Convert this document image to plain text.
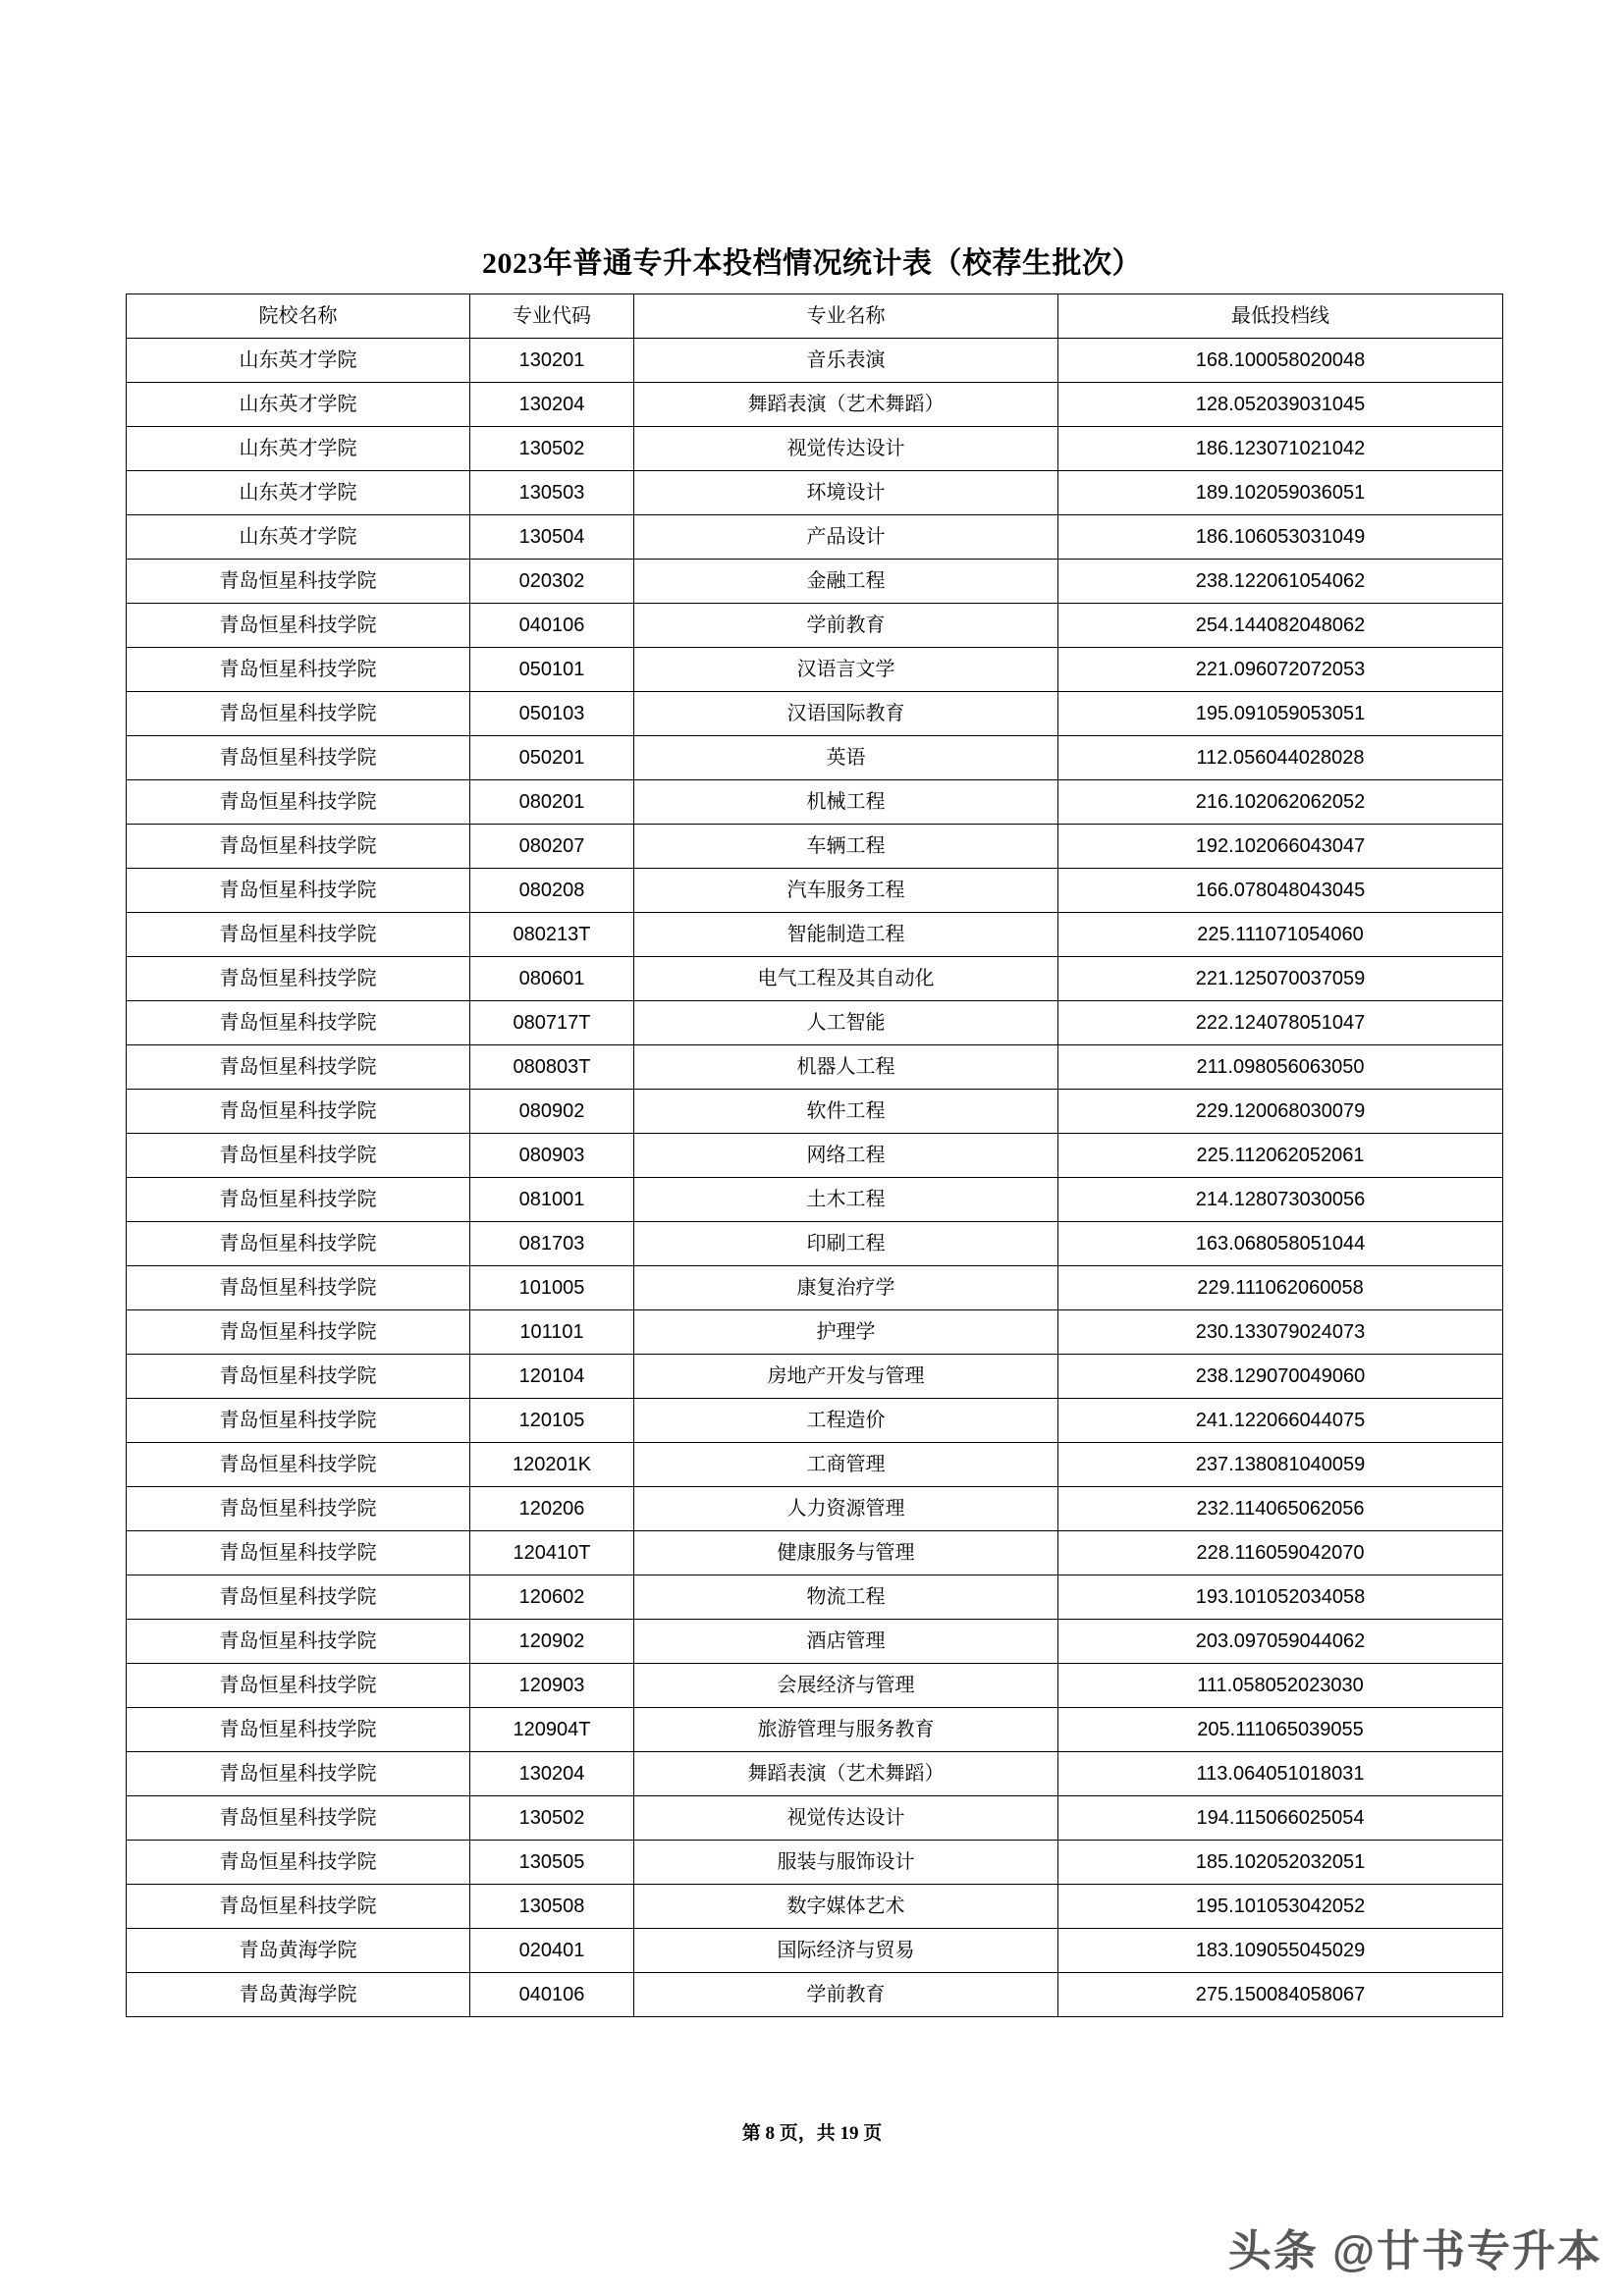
2023年普通专升本投档情况统计表（校荐生批次）
院校名称	专业代码	专业名称	最低投档线
山东英才学院	130201	音乐表演	168.100058020048
山东英才学院	130204	舞蹈表演（艺术舞蹈）	128.052039031045
山东英才学院	130502	视觉传达设计	186.123071021042
山东英才学院	130503	环境设计	189.102059036051
山东英才学院	130504	产品设计	186.106053031049
青岛恒星科技学院	020302	金融工程	238.122061054062
青岛恒星科技学院	040106	学前教育	254.144082048062
青岛恒星科技学院	050101	汉语言文学	221.096072072053
青岛恒星科技学院	050103	汉语国际教育	195.091059053051
青岛恒星科技学院	050201	英语	112.056044028028
青岛恒星科技学院	080201	机械工程	216.102062062052
青岛恒星科技学院	080207	车辆工程	192.102066043047
青岛恒星科技学院	080208	汽车服务工程	166.078048043045
青岛恒星科技学院	080213T	智能制造工程	225.111071054060
青岛恒星科技学院	080601	电气工程及其自动化	221.125070037059
青岛恒星科技学院	080717T	人工智能	222.124078051047
青岛恒星科技学院	080803T	机器人工程	211.098056063050
青岛恒星科技学院	080902	软件工程	229.120068030079
青岛恒星科技学院	080903	网络工程	225.112062052061
青岛恒星科技学院	081001	土木工程	214.128073030056
青岛恒星科技学院	081703	印刷工程	163.068058051044
青岛恒星科技学院	101005	康复治疗学	229.111062060058
青岛恒星科技学院	101101	护理学	230.133079024073
青岛恒星科技学院	120104	房地产开发与管理	238.129070049060
青岛恒星科技学院	120105	工程造价	241.122066044075
青岛恒星科技学院	120201K	工商管理	237.138081040059
青岛恒星科技学院	120206	人力资源管理	232.114065062056
青岛恒星科技学院	120410T	健康服务与管理	228.116059042070
青岛恒星科技学院	120602	物流工程	193.101052034058
青岛恒星科技学院	120902	酒店管理	203.097059044062
青岛恒星科技学院	120903	会展经济与管理	111.058052023030
青岛恒星科技学院	120904T	旅游管理与服务教育	205.111065039055
青岛恒星科技学院	130204	舞蹈表演（艺术舞蹈）	113.064051018031
青岛恒星科技学院	130502	视觉传达设计	194.115066025054
青岛恒星科技学院	130505	服装与服饰设计	185.102052032051
青岛恒星科技学院	130508	数字媒体艺术	195.101053042052
青岛黄海学院	020401	国际经济与贸易	183.109055045029
青岛黄海学院	040106	学前教育	275.150084058067
第 8 页，共 19 页
头条 @廿书专升本
